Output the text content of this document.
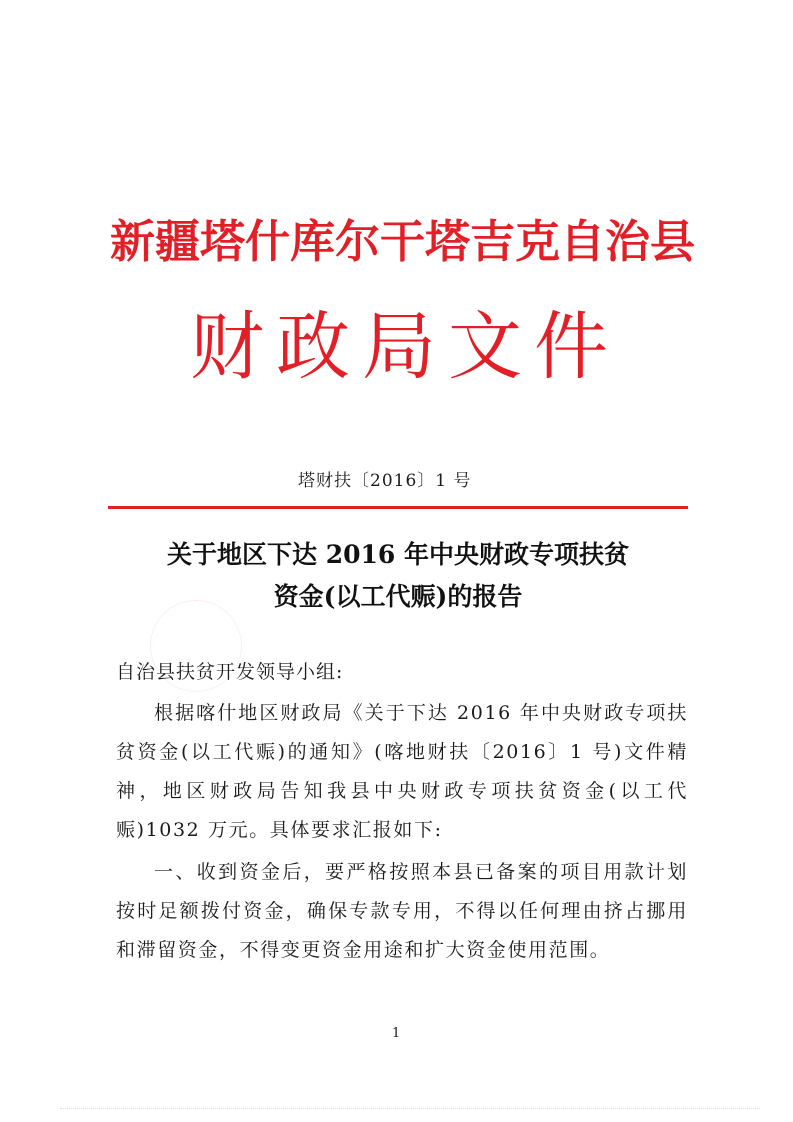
新疆塔什库尔干塔吉克自治县
财政局文件
塔财扶〔2016〕1 号
关于地区下达 2016 年中央财政专项扶贫
资金(以工代赈)的报告
自治县扶贫开发领导小组:
根据喀什地区财政局《关于下达 2016 年中央财政专项扶贫资金(以工代赈)的通知》(喀地财扶〔2016〕1 号)文件精神，地区财政局告知我县中央财政专项扶贫资金(以工代赈)1032 万元。具体要求汇报如下:
一、收到资金后，要严格按照本县已备案的项目用款计划按时足额拨付资金，确保专款专用，不得以任何理由挤占挪用和滞留资金，不得变更资金用途和扩大资金使用范围。
1
